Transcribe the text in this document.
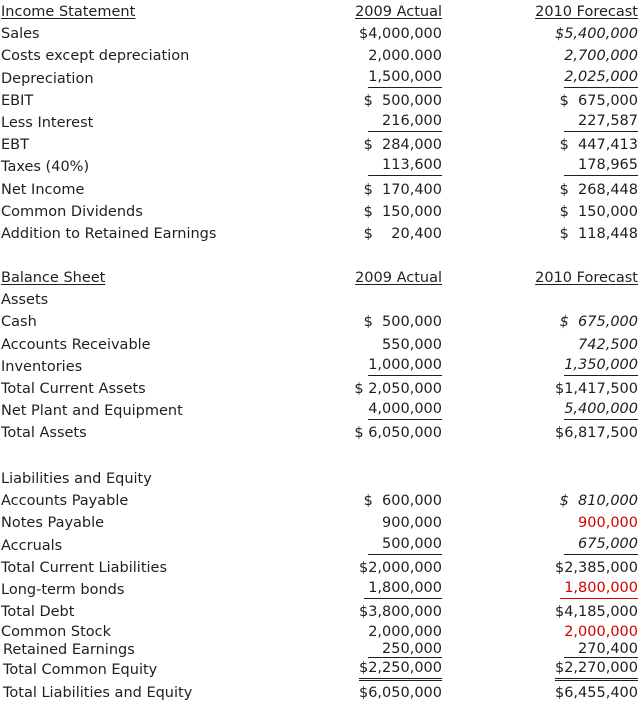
Income Statement	2009 Actual	2010 Forecast
Sales	$4,000,000	$5,400,000
Costs except depreciation	2,000.000	2,700,000
Depreciation	1,500,000	2,025,000
EBIT	$  500,000	$  675,000
Less Interest	216,000	227,587
EBT	$  284,000	$  447,413
Taxes (40%)	113,600	178,965
Net Income	$  170,400	$  268,448
Common Dividends	$  150,000	$  150,000
Addition to Retained Earnings	$    20,400	$  118,448
Balance Sheet	2009 Actual	2010 Forecast
Assets
Cash	$  500,000	$  675,000
Accounts Receivable	550,000	742,500
Inventories	1,000,000	1,350,000
Total Current Assets	$ 2,050,000	$1,417,500
Net Plant and Equipment	4,000,000	5,400,000
Total Assets	$ 6,050,000	$6,817,500
Liabilities and Equity
Accounts Payable	$  600,000	$  810,000
Notes Payable	900,000	900,000
Accruals	500,000	675,000
Total Current Liabilities	$2,000,000	$2,385,000
Long-term bonds	1,800,000	1,800,000
Total Debt	$3,800,000	$4,185,000
Common Stock	2,000,000	2,000,000
Retained Earnings	250,000	270,400
Total Common Equity	$2,250,000	$2,270,000
Total Liabilities and Equity	$6,050,000	$6,455,400
